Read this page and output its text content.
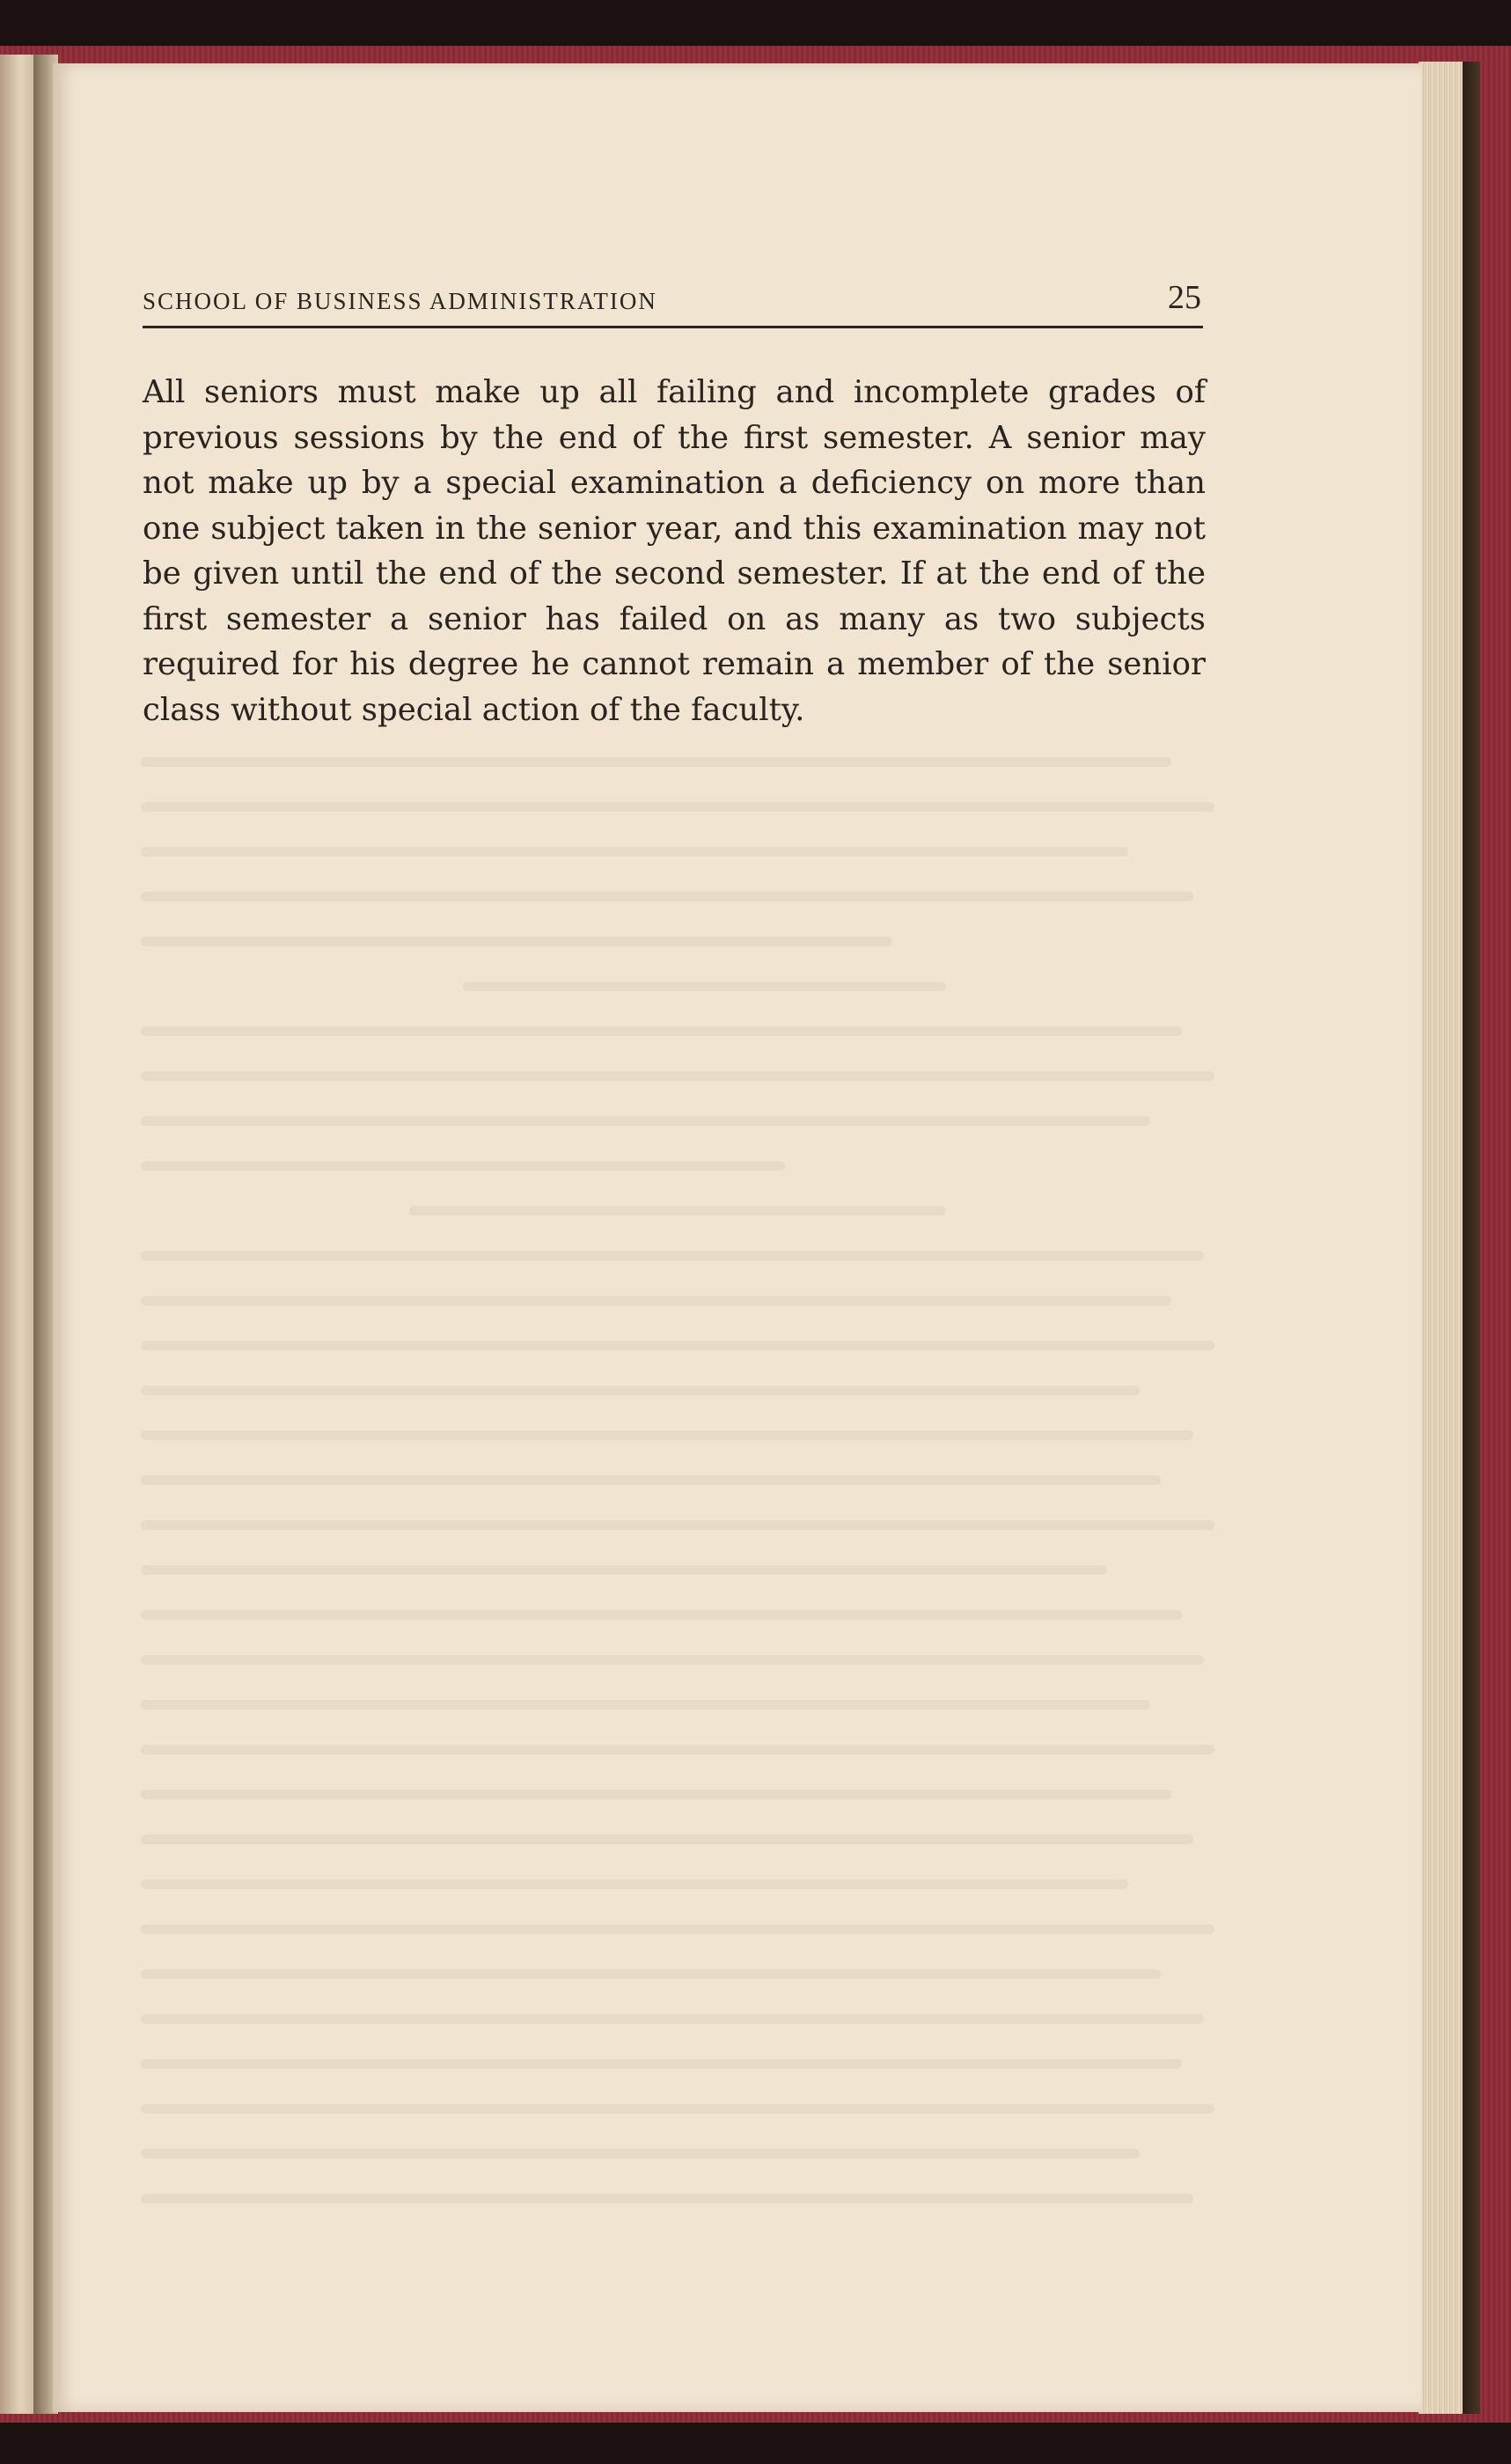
SCHOOL OF BUSINESS ADMINISTRATION	25

All seniors must make up all failing and incomplete grades of previous sessions by the end of the first semester. A senior may not make up by a special examination a deficiency on more than one subject taken in the senior year, and this examination may not be given until the end of the second semester. If at the end of the first semester a senior has failed on as many as two subjects required for his degree he cannot remain a member of the senior class without special action of the faculty.
